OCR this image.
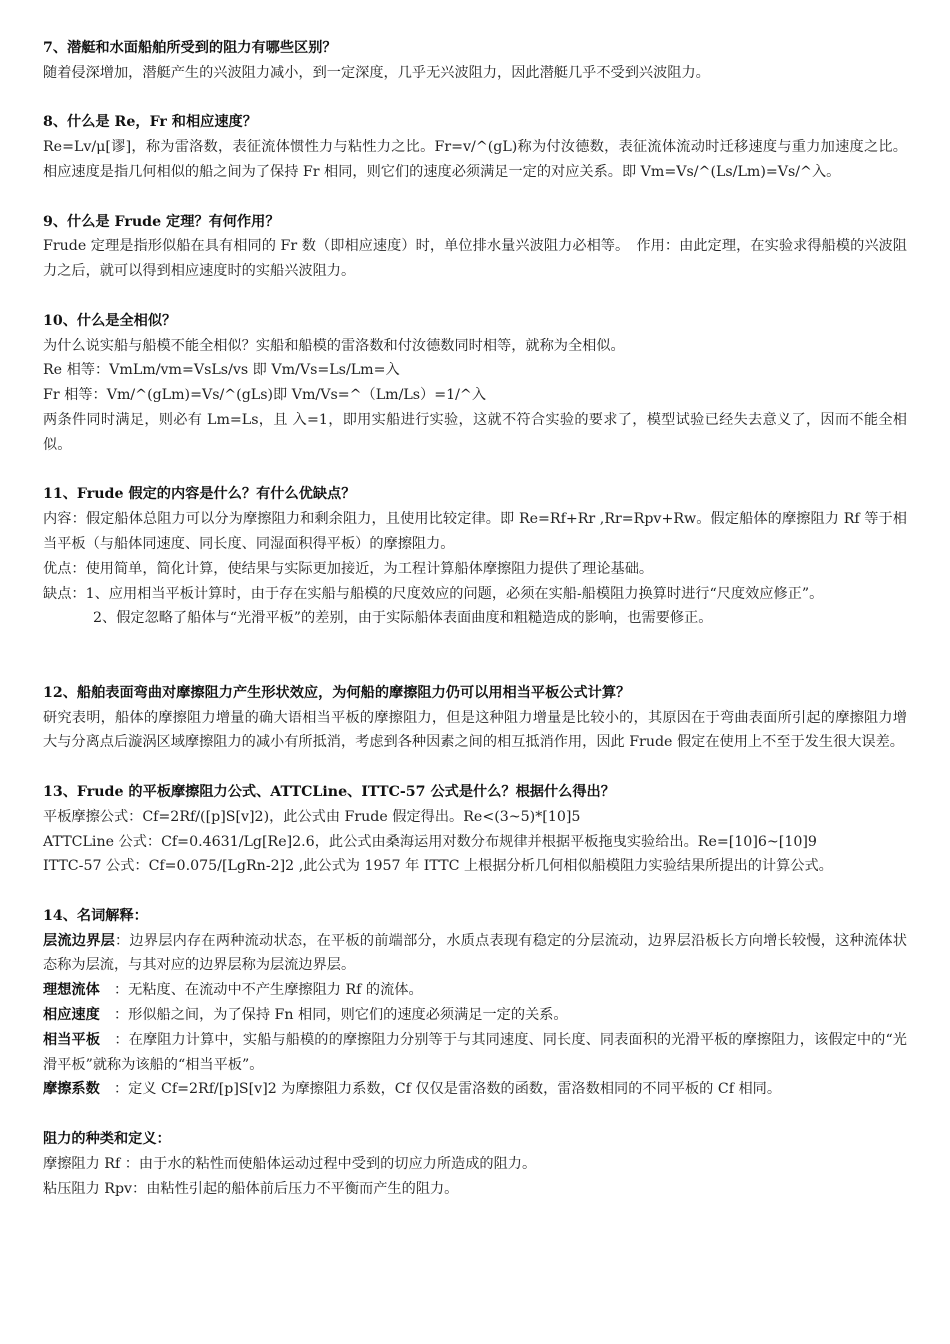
7、潜艇和水面船舶所受到的阻力有哪些区别？

随着侵深增加，潜艇产生的兴波阻力减小，到一定深度，几乎无兴波阻力，因此潜艇几乎不受到兴波阻力。

8、什么是 Re，Fr 和相应速度？

Re=Lv/μ[谬]，称为雷洛数，表征流体惯性力与粘性力之比。Fr=v/^(gL)称为付汝德数，表征流体流动时迁移速度与重力加速度之比。相应速度是指几何相似的船之间为了保持 Fr 相同，则它们的速度必须满足一定的对应关系。即 Vm=Vs/^(Ls/Lm)=Vs/^入。

9、什么是 Frude 定理？有何作用？

Frude 定理是指形似船在具有相同的 Fr 数（即相应速度）时，单位排水量兴波阻力必相等。　作用：由此定理，在实验求得船模的兴波阻力之后，就可以得到相应速度时的实船兴波阻力。

10、什么是全相似？

为什么说实船与船模不能全相似？实船和船模的雷洛数和付汝德数同时相等，就称为全相似。

Re 相等：VmLm/vm=VsLs/vs 即 Vm/Vs=Ls/Lm=入

Fr 相等：Vm/^(gLm)=Vs/^(gLs)即 Vm/Vs=^（Lm/Ls）=1/^入

两条件同时满足，则必有 Lm=Ls，且 入=1，即用实船进行实验，这就不符合实验的要求了，模型试验已经失去意义了，因而不能全相似。

11、Frude 假定的内容是什么？有什么优缺点？

内容：假定船体总阻力可以分为摩擦阻力和剩余阻力，且使用比较定律。即 Re=Rf+Rr ,Rr=Rpv+Rw。假定船体的摩擦阻力 Rf 等于相当平板（与船体同速度、同长度、同湿面积得平板）的摩擦阻力。

优点：使用简单，简化计算，使结果与实际更加接近，为工程计算船体摩擦阻力提供了理论基础。

缺点：1、应用相当平板计算时，由于存在实船与船模的尺度效应的问题，必须在实船-船模阻力换算时进行“尺度效应修正”。

2、假定忽略了船体与“光滑平板”的差别，由于实际船体表面曲度和粗糙造成的影响，也需要修正。

12、船舶表面弯曲对摩擦阻力产生形状效应，为何船的摩擦阻力仍可以用相当平板公式计算？

研究表明，船体的摩擦阻力增量的确大语相当平板的摩擦阻力，但是这种阻力增量是比较小的，其原因在于弯曲表面所引起的摩擦阻力增大与分离点后漩涡区域摩擦阻力的减小有所抵消，考虑到各种因素之间的相互抵消作用，因此 Frude 假定在使用上不至于发生很大误差。

13、Frude 的平板摩擦阻力公式、ATTCLine、ITTC-57 公式是什么？根据什么得出？

平板摩擦公式：Cf=2Rf/([p]S[v]2)，此公式由 Frude 假定得出。Re<(3~5)*[10]5

ATTCLine 公式：Cf=0.4631/Lg[Re]2.6，此公式由桑海运用对数分布规律并根据平板拖曳实验给出。Re=[10]6~[10]9

ITTC-57 公式：Cf=0.075/[LgRn-2]2 ,此公式为 1957 年 ITTC 上根据分析几何相似船模阻力实验结果所提出的计算公式。

14、名词解释：

层流边界层：边界层内存在两种流动状态，在平板的前端部分，水质点表现有稳定的分层流动，边界层沿板长方向增长较慢，这种流体状态称为层流，与其对应的边界层称为层流边界层。

理想流体　：无粘度、在流动中不产生摩擦阻力 Rf 的流体。

相应速度　：形似船之间，为了保持 Fn 相同，则它们的速度必须满足一定的关系。

相当平板　：在摩阻力计算中，实船与船模的的摩擦阻力分别等于与其同速度、同长度、同表面积的光滑平板的摩擦阻力，该假定中的“光滑平板”就称为该船的“相当平板”。

摩擦系数　：定义 Cf=2Rf/[p]S[v]2 为摩擦阻力系数，Cf 仅仅是雷洛数的函数，雷洛数相同的不同平板的 Cf 相同。

阻力的种类和定义：

摩擦阻力 Rf ：由于水的粘性而使船体运动过程中受到的切应力所造成的阻力。

粘压阻力 Rpv：由粘性引起的船体前后压力不平衡而产生的阻力。
